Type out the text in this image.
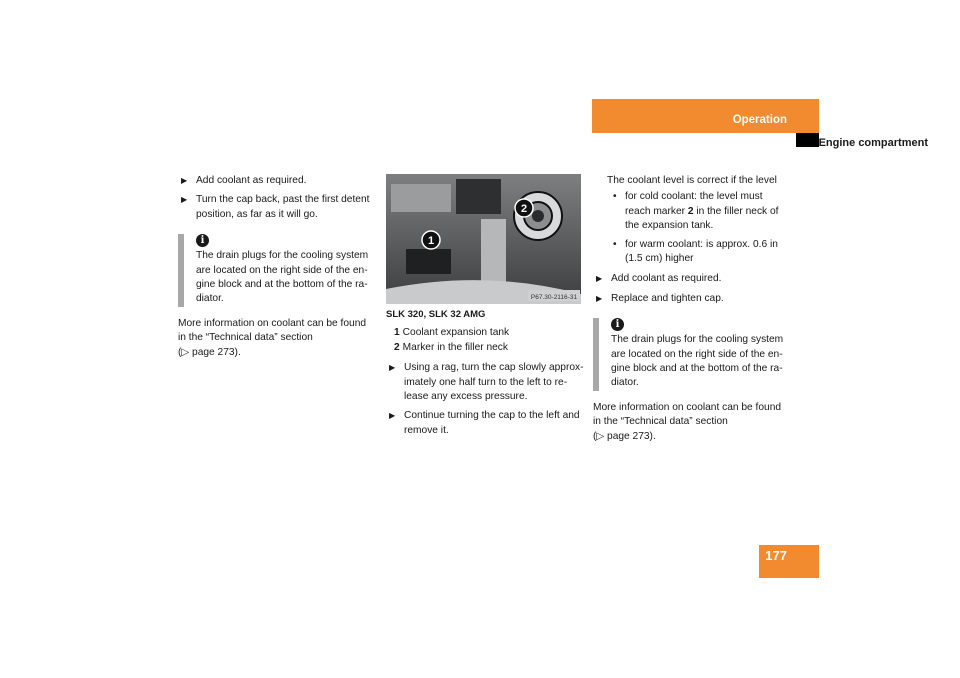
Operation
Engine compartment
▶ Add coolant as required.
▶ Turn the cap back, past the first detent position, as far as it will go.
i
The drain plugs for the cooling system are located on the right side of the en-gine block and at the bottom of the ra-diator.
More information on coolant can be found
in the “Technical data” section
(▷ page 273).
1
2
P67.30-2116-31
SLK 320, SLK 32 AMG
1 Coolant expansion tank
2 Marker in the filler neck
▶ Using a rag, turn the cap slowly approx-imately one half turn to the left to re-lease any excess pressure.
▶ Continue turning the cap to the left and remove it.
The coolant level is correct if the level
• for cold coolant: the level must reach marker 2 in the filler neck of the expansion tank.
• for warm coolant: is approx. 0.6 in (1.5 cm) higher
▶ Add coolant as required.
▶ Replace and tighten cap.
i
The drain plugs for the cooling system are located on the right side of the en-gine block and at the bottom of the ra-diator.
More information on coolant can be found
in the “Technical data” section
(▷ page 273).
177
